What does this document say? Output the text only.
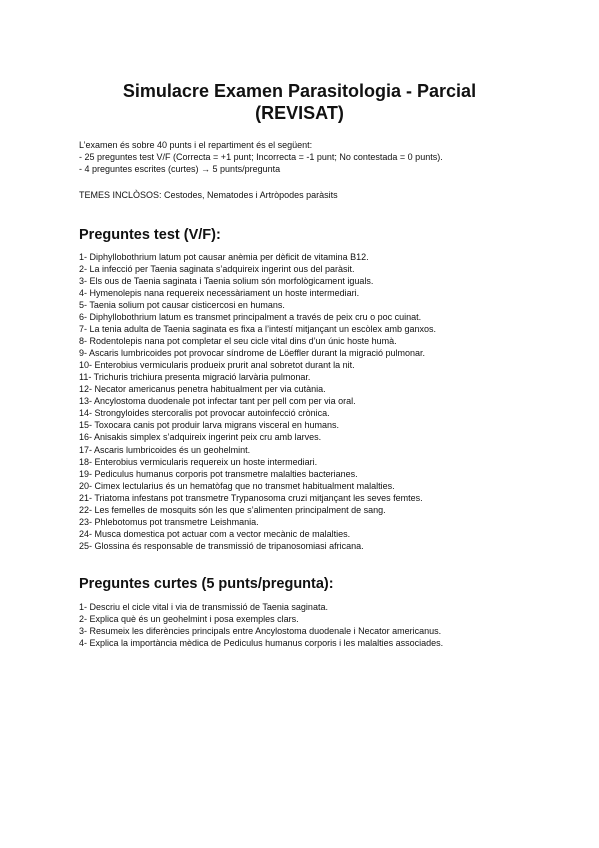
Simulacre Examen Parasitologia - Parcial
(REVISAT)

L’examen és sobre 40 punts i el repartiment és el següent:

- 25 preguntes test V/F (Correcta = +1 punt; Incorrecta = -1 punt; No contestada = 0 punts).

- 4 preguntes escrites (curtes) → 5 punts/pregunta

TEMES INCLÒSOS: Cestodes, Nematodes i Artròpodes paràsits

Preguntes test (V/F):
1- Diphyllobothrium latum pot causar anèmia per dèficit de vitamina B12.
2- La infecció per Taenia saginata s’adquireix ingerint ous del paràsit.
3- Els ous de Taenia saginata i Taenia solium són morfològicament iguals.
4- Hymenolepis nana requereix necessàriament un hoste intermediari.
5- Taenia solium pot causar cisticercosi en humans.
6- Diphyllobothrium latum es transmet principalment a través de peix cru o poc cuinat.
7- La tenia adulta de Taenia saginata es fixa a l’intestí mitjançant un escòlex amb ganxos.
8- Rodentolepis nana pot completar el seu cicle vital dins d’un únic hoste humà.
9- Ascaris lumbricoides pot provocar síndrome de Löeffler durant la migració pulmonar.
10- Enterobius vermicularis produeix prurit anal sobretot durant la nit.
11- Trichuris trichiura presenta migració larvària pulmonar.
12- Necator americanus penetra habitualment per via cutània.
13- Ancylostoma duodenale pot infectar tant per pell com per via oral.
14- Strongyloides stercoralis pot provocar autoinfecció crònica.
15- Toxocara canis pot produir larva migrans visceral en humans.
16- Anisakis simplex s’adquireix ingerint peix cru amb larves.
17- Ascaris lumbricoides és un geohelmint.
18- Enterobius vermicularis requereix un hoste intermediari.
19- Pediculus humanus corporis pot transmetre malalties bacterianes.
20- Cimex lectularius és un hematòfag que no transmet habitualment malalties.
21- Triatoma infestans pot transmetre Trypanosoma cruzi mitjançant les seves femtes.
22- Les femelles de mosquits són les que s’alimenten principalment de sang.
23- Phlebotomus pot transmetre Leishmania.
24- Musca domestica pot actuar com a vector mecànic de malalties.
25- Glossina és responsable de transmissió de tripanosomiasi africana.
Preguntes curtes (5 punts/pregunta):
1- Descriu el cicle vital i via de transmissió de Taenia saginata.
2- Explica què és un geohelmint i posa exemples clars.
3- Resumeix les diferències principals entre Ancylostoma duodenale i Necator americanus.
4- Explica la importància mèdica de Pediculus humanus corporis i les malalties associades.
